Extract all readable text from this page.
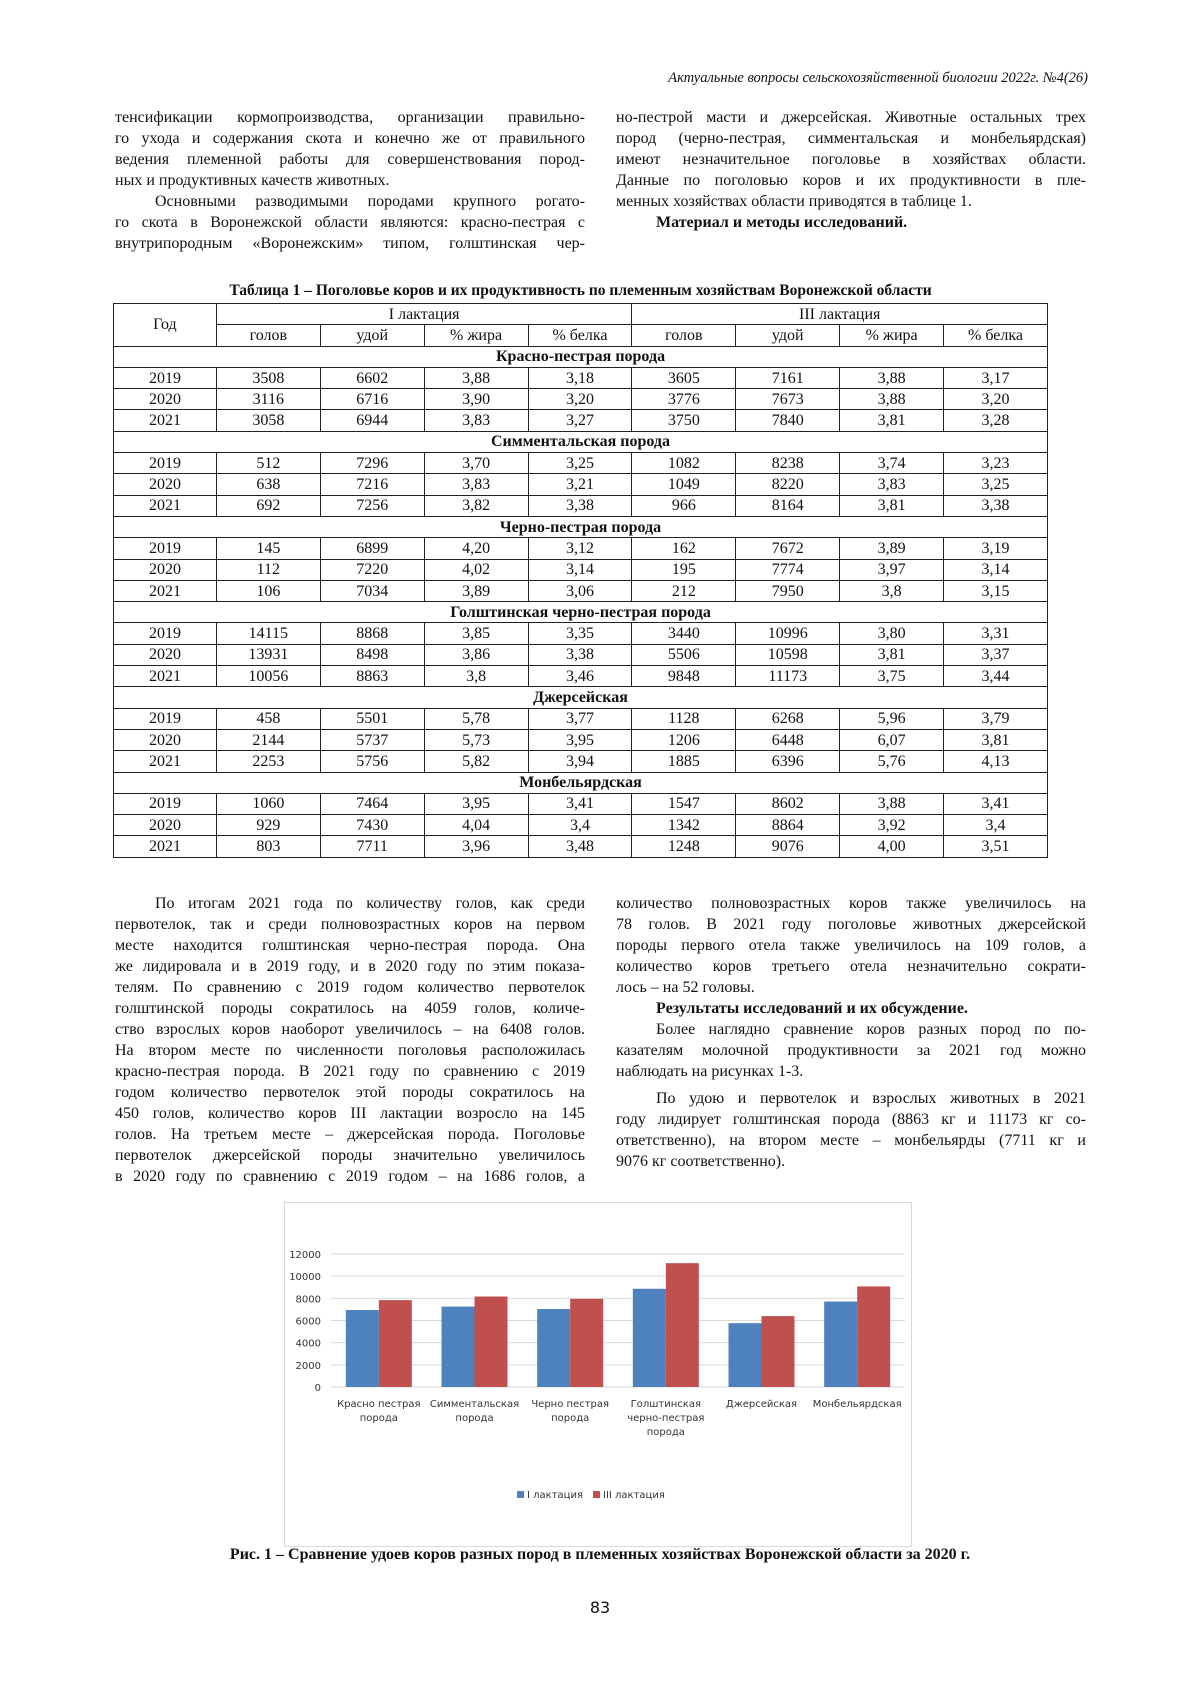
Актуальные вопросы сельскохозяйственной биологии 2022г. №4(26)
тенсификации кормопроизводства, организации правильно-
го ухода и содержания скота и конечно же от правильного
ведения племенной работы для совершенствования пород-
ных и продуктивных качеств животных.
Основными разводимыми породами крупного рогато-
го скота в Воронежской области являются: красно-пестрая с
внутрипородным «Воронежским» типом, голштинская чер-
но-пестрой масти и джерсейская. Животные остальных трех
пород (черно-пестрая, симментальская и монбельярдская)
имеют незначительное поголовье в хозяйствах области.
Данные по поголовью коров и их продуктивности в пле-
менных хозяйствах области приводятся в таблице 1.
Материал и методы исследований.
Таблица 1 – Поголовье коров и их продуктивность по племенным хозяйствам Воронежской области
Год	I лактация				III лактация			
	голов	удой	% жира	% белка	голов	удой	% жира	% белка
Красно-пестрая порода								
2019	3508	6602	3,88	3,18	3605	7161	3,88	3,17
2020	3116	6716	3,90	3,20	3776	7673	3,88	3,20
2021	3058	6944	3,83	3,27	3750	7840	3,81	3,28
Симментальская порода								
2019	512	7296	3,70	3,25	1082	8238	3,74	3,23
2020	638	7216	3,83	3,21	1049	8220	3,83	3,25
2021	692	7256	3,82	3,38	966	8164	3,81	3,38
Черно-пестрая порода								
2019	145	6899	4,20	3,12	162	7672	3,89	3,19
2020	112	7220	4,02	3,14	195	7774	3,97	3,14
2021	106	7034	3,89	3,06	212	7950	3,8	3,15
Голштинская черно-пестрая порода								
2019	14115	8868	3,85	3,35	3440	10996	3,80	3,31
2020	13931	8498	3,86	3,38	5506	10598	3,81	3,37
2021	10056	8863	3,8	3,46	9848	11173	3,75	3,44
Джерсейская								
2019	458	5501	5,78	3,77	1128	6268	5,96	3,79
2020	2144	5737	5,73	3,95	1206	6448	6,07	3,81
2021	2253	5756	5,82	3,94	1885	6396	5,76	4,13
Монбельярдская								
2019	1060	7464	3,95	3,41	1547	8602	3,88	3,41
2020	929	7430	4,04	3,4	1342	8864	3,92	3,4
2021	803	7711	3,96	3,48	1248	9076	4,00	3,51
По итогам 2021 года по количеству голов, как среди
первотелок, так и среди полновозрастных коров на первом
месте находится голштинская черно-пестрая порода. Она
же лидировала и в 2019 году, и в 2020 году по этим показа-
телям. По сравнению с 2019 годом количество первотелок
голштинской породы сократилось на 4059 голов, количе-
ство взрослых коров наоборот увеличилось – на 6408 голов.
На втором месте по численности поголовья расположилась
красно-пестрая порода. В 2021 году по сравнению с 2019
годом количество первотелок этой породы сократилось на
450 голов, количество коров III лактации возросло на 145
голов. На третьем месте – джерсейская порода. Поголовье
первотелок джерсейской породы значительно увеличилось
в 2020 году по сравнению с 2019 годом – на 1686 голов, а
количество полновозрастных коров также увеличилось на
78 голов. В 2021 году поголовье животных джерсейской
породы первого отела также увеличилось на 109 голов, а
количество коров третьего отела незначительно сократи-
лось – на 52 головы.
Результаты исследований и их обсуждение.
Более наглядно сравнение коров разных пород по по-
казателям молочной продуктивности за 2021 год можно
наблюдать на рисунках 1-3.
По удою и первотелок и взрослых животных в 2021
году лидирует голштинская порода (8863 кг и 11173 кг со-
ответственно), на втором месте – монбельярды (7711 кг и
9076 кг соответственно).
0
2000
4000
6000
8000
10000
12000
Красно пестрая
порода
Симментальская
порода
Черно пестрая
порода
Голштинская
черно-пестрая
порода
Джерсейская Монбельярдская
I лактация III лактация
Рис. 1 – Сравнение удоев коров разных пород в племенных хозяйствах Воронежской области за 2020 г.
83
